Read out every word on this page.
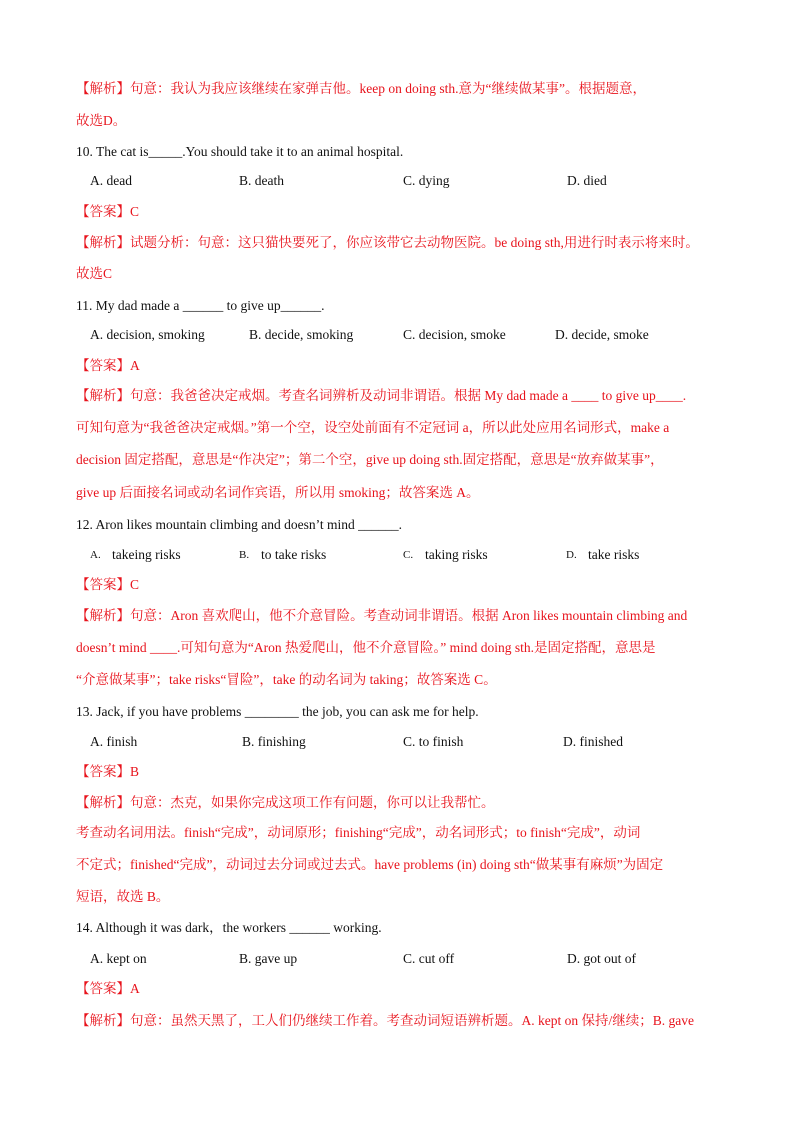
【解析】句意：我认为我应该继续在家弹吉他。keep on doing sth.意为“继续做某事”。根据题意，
故选D。
10. The cat is_____.You should take it to an animal hospital.
A. dead	B. death	C. dying	D. died
【答案】C
【解析】试题分析：句意：这只猫快要死了，你应该带它去动物医院。be doing sth,用进行时表示将来时。
故选C
11. My dad made a ______ to give up______.
A. decision, smoking	B. decide, smoking	C. decision, smoke	D. decide, smoke
【答案】A
【解析】句意：我爸爸决定戒烟。考查名词辨析及动词非谓语。根据 My dad made a ____ to give up____.
可知句意为“我爸爸决定戒烟。”第一个空，设空处前面有不定冠词 a，所以此处应用名词形式，make a
decision 固定搭配，意思是“作决定”；第二个空，give up doing sth.固定搭配，意思是“放弃做某事”，
give up 后面接名词或动名词作宾语，所以用 smoking；故答案选 A。
12. Aron likes mountain climbing and doesn’t mind ______.
A. takeing risks	B. to take risks	C. taking risks	D. take risks
【答案】C
【解析】句意：Aron 喜欢爬山，他不介意冒险。考查动词非谓语。根据 Aron likes mountain climbing and
doesn’t mind ____.可知句意为“Aron 热爱爬山，他不介意冒险。” mind doing sth.是固定搭配，意思是
“介意做某事”；take risks“冒险”，take 的动名词为 taking；故答案选 C。
13. Jack, if you have problems ________ the job, you can ask me for help.
A. finish	B. finishing	C. to finish	D. finished
【答案】B
【解析】句意：杰克，如果你完成这项工作有问题，你可以让我帮忙。
考查动名词用法。finish“完成”，动词原形；finishing“完成”，动名词形式；to finish“完成”，动词
不定式；finished“完成”，动词过去分词或过去式。have problems (in) doing sth“做某事有麻烦”为固定
短语，故选 B。
14. Although it was dark，the workers ______ working.
A. kept on	B. gave up	C. cut off	D. got out of
【答案】A
【解析】句意：虽然天黑了，工人们仍继续工作着。考查动词短语辨析题。A. kept on 保持/继续；B. gave
